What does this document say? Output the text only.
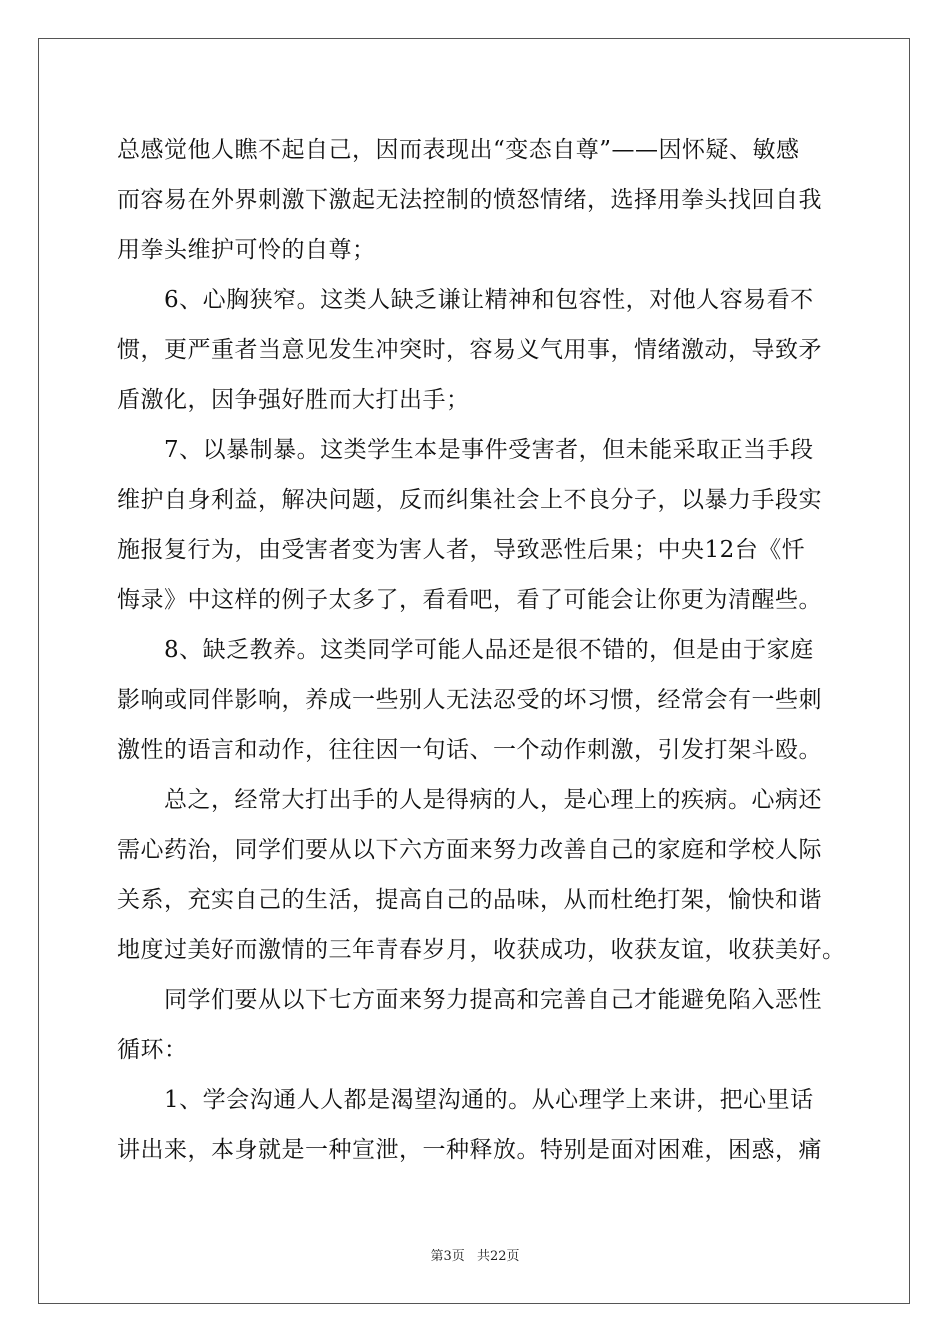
总感觉他人瞧不起自己，因而表现出“变态自尊”——因怀疑、敏感
而容易在外界刺激下激起无法控制的愤怒情绪，选择用拳头找回自我
用拳头维护可怜的自尊；
　　6、心胸狭窄。这类人缺乏谦让精神和包容性，对他人容易看不
惯，更严重者当意见发生冲突时，容易义气用事，情绪激动，导致矛
盾激化，因争强好胜而大打出手；
　　7、以暴制暴。这类学生本是事件受害者，但未能采取正当手段
维护自身利益，解决问题，反而纠集社会上不良分子，以暴力手段实
施报复行为，由受害者变为害人者，导致恶性后果；中央12台《忏
悔录》中这样的例子太多了，看看吧，看了可能会让你更为清醒些。
　　8、缺乏教养。这类同学可能人品还是很不错的，但是由于家庭
影响或同伴影响，养成一些别人无法忍受的坏习惯，经常会有一些刺
激性的语言和动作，往往因一句话、一个动作刺激，引发打架斗殴。
　　总之，经常大打出手的人是得病的人，是心理上的疾病。心病还
需心药治，同学们要从以下六方面来努力改善自己的家庭和学校人际
关系，充实自己的生活，提高自己的品味，从而杜绝打架，愉快和谐
地度过美好而激情的三年青春岁月，收获成功，收获友谊，收获美好。
　　同学们要从以下七方面来努力提高和完善自己才能避免陷入恶性
循环：
　　1、学会沟通人人都是渴望沟通的。从心理学上来讲，把心里话
讲出来，本身就是一种宣泄，一种释放。特别是面对困难，困惑，痛
第3页 共22页
